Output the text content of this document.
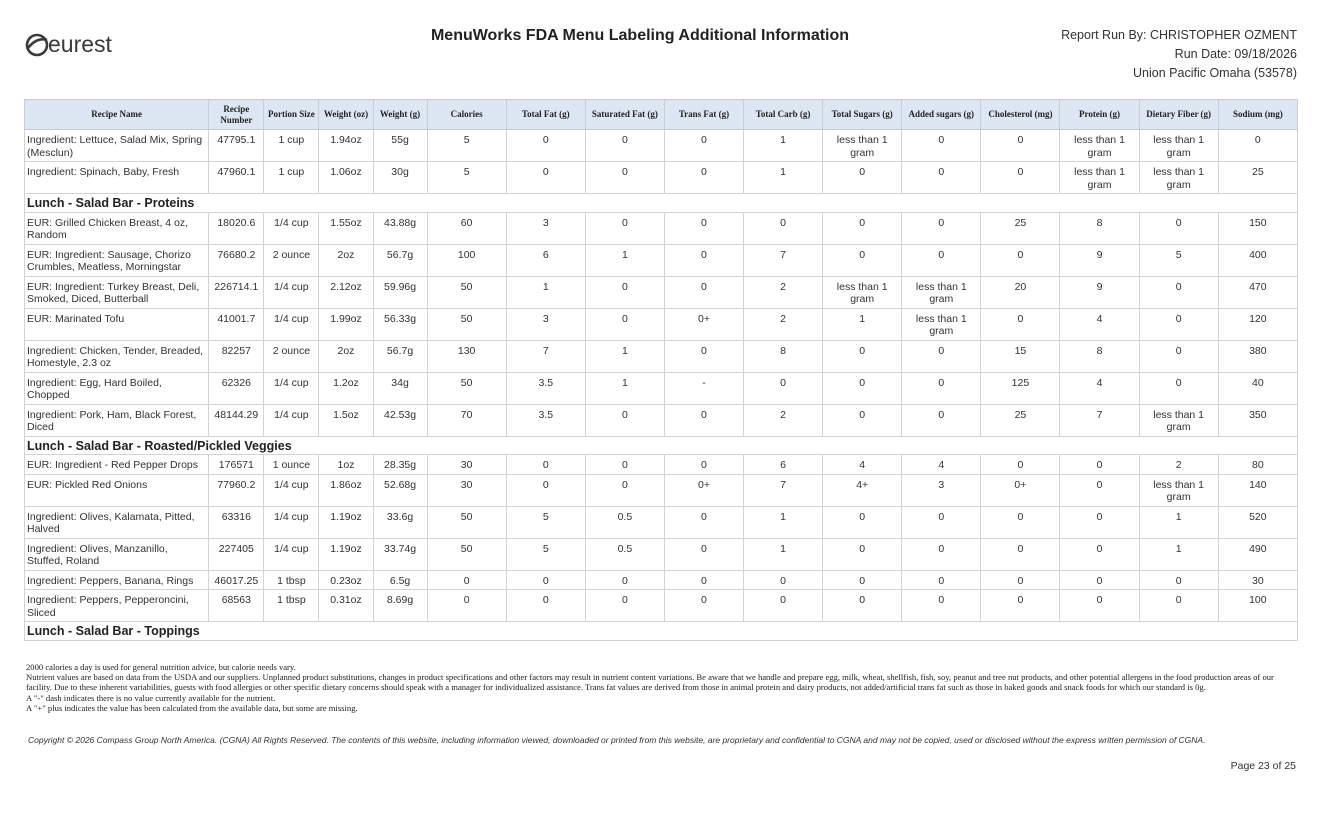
eurest	MenuWorks FDA Menu Labeling Additional Information	Report Run By: CHRISTOPHER OZMENT
Run Date: 09/18/2026
Union Pacific Omaha (53578)
Recipe Name	Recipe Number	Portion Size	Weight (oz)	Weight (g)	Calories	Total Fat (g)	Saturated Fat (g)	Trans Fat (g)	Total Carb (g)	Total Sugars (g)	Added sugars (g)	Cholesterol (mg)	Protein (g)	Dietary Fiber (g)	Sodium (mg)
Ingredient: Lettuce, Salad Mix, Spring (Mesclun)	47795.1	1 cup	1.94oz	55g	5	0	0	0	1	less than 1 gram	0	0	less than 1 gram	less than 1 gram	0
Ingredient: Spinach, Baby, Fresh	47960.1	1 cup	1.06oz	30g	5	0	0	0	1	0	0	0	less than 1 gram	less than 1 gram	25
Lunch - Salad Bar - Proteins															
EUR: Grilled Chicken Breast, 4 oz, Random	18020.6	1/4 cup	1.55oz	43.88g	60	3	0	0	0	0	0	25	8	0	150
EUR: Ingredient: Sausage, Chorizo Crumbles, Meatless, Morningstar	76680.2	2 ounce	2oz	56.7g	100	6	1	0	7	0	0	0	9	5	400
EUR: Ingredient: Turkey Breast, Deli, Smoked, Diced, Butterball	226714.1	1/4 cup	2.12oz	59.96g	50	1	0	0	2	less than 1 gram	less than 1 gram	20	9	0	470
EUR: Marinated Tofu	41001.7	1/4 cup	1.99oz	56.33g	50	3	0	0+	2	1	less than 1 gram	0	4	0	120
Ingredient: Chicken, Tender, Breaded, Homestyle, 2.3 oz	82257	2 ounce	2oz	56.7g	130	7	1	0	8	0	0	15	8	0	380
Ingredient: Egg, Hard Boiled, Chopped	62326	1/4 cup	1.2oz	34g	50	3.5	1	-	0	0	0	125	4	0	40
Ingredient: Pork, Ham, Black Forest, Diced	48144.29	1/4 cup	1.5oz	42.53g	70	3.5	0	0	2	0	0	25	7	less than 1 gram	350
Lunch - Salad Bar - Roasted/Pickled Veggies															
EUR: Ingredient - Red Pepper Drops	176571	1 ounce	1oz	28.35g	30	0	0	0	6	4	4	0	0	2	80
EUR: Pickled Red Onions	77960.2	1/4 cup	1.86oz	52.68g	30	0	0	0+	7	4+	3	0+	0	less than 1 gram	140
Ingredient: Olives, Kalamata, Pitted, Halved	63316	1/4 cup	1.19oz	33.6g	50	5	0.5	0	1	0	0	0	0	1	520
Ingredient: Olives, Manzanillo, Stuffed, Roland	227405	1/4 cup	1.19oz	33.74g	50	5	0.5	0	1	0	0	0	0	1	490
Ingredient: Peppers, Banana, Rings	46017.25	1 tbsp	0.23oz	6.5g	0	0	0	0	0	0	0	0	0	0	30
Ingredient: Peppers, Pepperoncini, Sliced	68563	1 tbsp	0.31oz	8.69g	0	0	0	0	0	0	0	0	0	0	100
Lunch - Salad Bar - Toppings															
2000 calories a day is used for general nutrition advice, but calorie needs vary.
Nutrient values are based on data from the USDA and our suppliers. Unplanned product substitutions, changes in product specifications and other factors may result in nutrient content variations. Be aware that we handle and prepare egg, milk, wheat, shellfish, fish, soy, peanut and tree nut products, and other potential allergens in the food production areas of our facility. Due to these inherent variabilities, guests with food allergies or other specific dietary concerns should speak with a manager for individualized assistance. Trans fat values are derived from those in animal protein and dairy products, not added/artificial trans fat such as those in baked goods and snack foods for which our standard is 0g.
A "-" dash indicates there is no value currently available for the nutrient.
A "+" plus indicates the value has been calculated from the available data, but some are missing.
Copyright © 2026 Compass Group North America. (CGNA) All Rights Reserved. The contents of this website, including information viewed, downloaded or printed from this website, are proprietary and confidential to CGNA and may not be copied, used or disclosed without the express written permission of CGNA.
Page 23 of 25
